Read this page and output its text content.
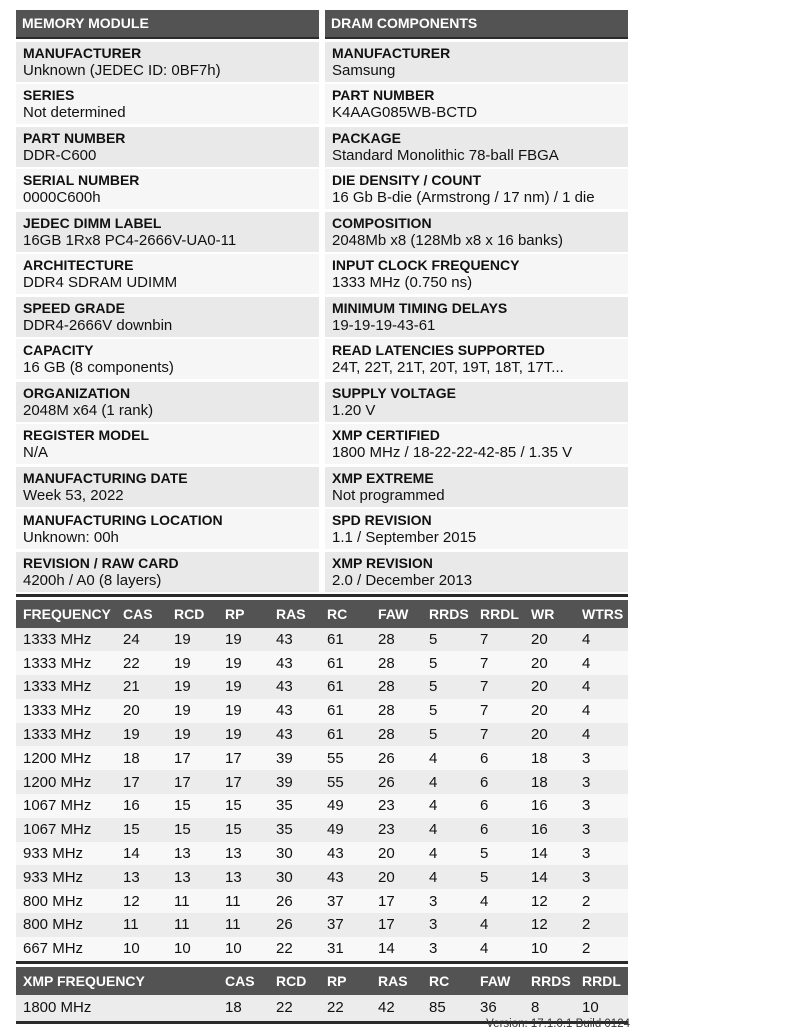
MEMORY MODULE
MANUFACTURER
Unknown (JEDEC ID: 0BF7h)
SERIES
Not determined
PART NUMBER
DDR-C600
SERIAL NUMBER
0000C600h
JEDEC DIMM LABEL
16GB 1Rx8 PC4-2666V-UA0-11
ARCHITECTURE
DDR4 SDRAM UDIMM
SPEED GRADE
DDR4-2666V downbin
CAPACITY
16 GB (8 components)
ORGANIZATION
2048M x64 (1 rank)
REGISTER MODEL
N/A
MANUFACTURING DATE
Week 53, 2022
MANUFACTURING LOCATION
Unknown: 00h
REVISION / RAW CARD
4200h / A0 (8 layers)
DRAM COMPONENTS
MANUFACTURER
Samsung
PART NUMBER
K4AAG085WB-BCTD
PACKAGE
Standard Monolithic 78-ball FBGA
DIE DENSITY / COUNT
16 Gb B-die (Armstrong / 17 nm) / 1 die
COMPOSITION
2048Mb x8 (128Mb x8 x 16 banks)
INPUT CLOCK FREQUENCY
1333 MHz (0.750 ns)
MINIMUM TIMING DELAYS
19-19-19-43-61
READ LATENCIES SUPPORTED
24T, 22T, 21T, 20T, 19T, 18T, 17T...
SUPPLY VOLTAGE
1.20 V
XMP CERTIFIED
1800 MHz / 18-22-22-42-85 / 1.35 V
XMP EXTREME
Not programmed
SPD REVISION
1.1 / September 2015
XMP REVISION
2.0 / December 2013
FREQUENCY	CAS	RCD	RP	RAS	RC	FAW	RRDS	RRDL	WR	WTRS
1333 MHz	24	19	19	43	61	28	5	7	20	4
1333 MHz	22	19	19	43	61	28	5	7	20	4
1333 MHz	21	19	19	43	61	28	5	7	20	4
1333 MHz	20	19	19	43	61	28	5	7	20	4
1333 MHz	19	19	19	43	61	28	5	7	20	4
1200 MHz	18	17	17	39	55	26	4	6	18	3
1200 MHz	17	17	17	39	55	26	4	6	18	3
1067 MHz	16	15	15	35	49	23	4	6	16	3
1067 MHz	15	15	15	35	49	23	4	6	16	3
933 MHz	14	13	13	30	43	20	4	5	14	3
933 MHz	13	13	13	30	43	20	4	5	14	3
800 MHz	12	11	11	26	37	17	3	4	12	2
800 MHz	11	11	11	26	37	17	3	4	12	2
667 MHz	10	10	10	22	31	14	3	4	10	2
XMP FREQUENCY	CAS	RCD	RP	RAS	RC	FAW	RRDS	RRDL
1800 MHz	18	22	22	42	85	36	8	10
Version: 17.1.0.1 Build 0124
